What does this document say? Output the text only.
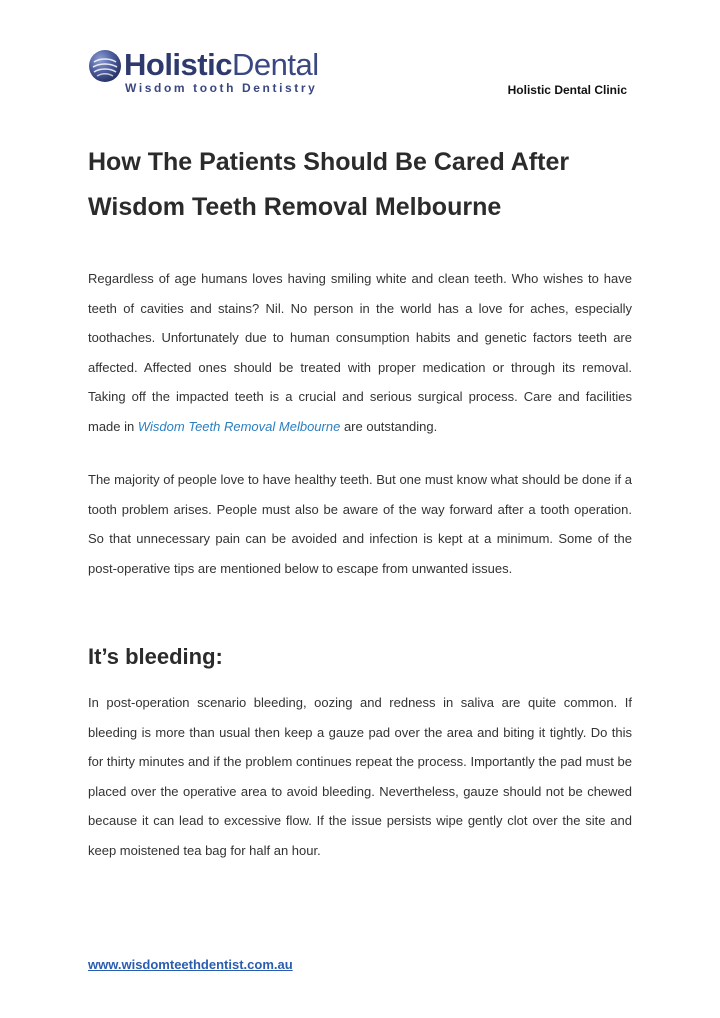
HolisticDental
Wisdom tooth Dentistry	Holistic Dental Clinic
How The Patients Should Be Cared After Wisdom Teeth Removal Melbourne

Regardless of age humans loves having smiling white and clean teeth. Who wishes to have teeth of cavities and stains? Nil. No person in the world has a love for aches, especially toothaches. Unfortunately due to human consumption habits and genetic factors teeth are affected. Affected ones should be treated with proper medication or through its removal. Taking off the impacted teeth is a crucial and serious surgical process. Care and facilities made in Wisdom Teeth Removal Melbourne are outstanding.

The majority of people love to have healthy teeth. But one must know what should be done if a tooth problem arises. People must also be aware of the way forward after a tooth operation. So that unnecessary pain can be avoided and infection is kept at a minimum. Some of the post-operative tips are mentioned below to escape from unwanted issues.

It’s bleeding:

In post-operation scenario bleeding, oozing and redness in saliva are quite common. If bleeding is more than usual then keep a gauze pad over the area and biting it tightly. Do this for thirty minutes and if the problem continues repeat the process. Importantly the pad must be placed over the operative area to avoid bleeding. Nevertheless, gauze should not be chewed because it can lead to excessive flow. If the issue persists wipe gently clot over the site and keep moistened tea bag for half an hour.

www.wisdomteethdentist.com.au
